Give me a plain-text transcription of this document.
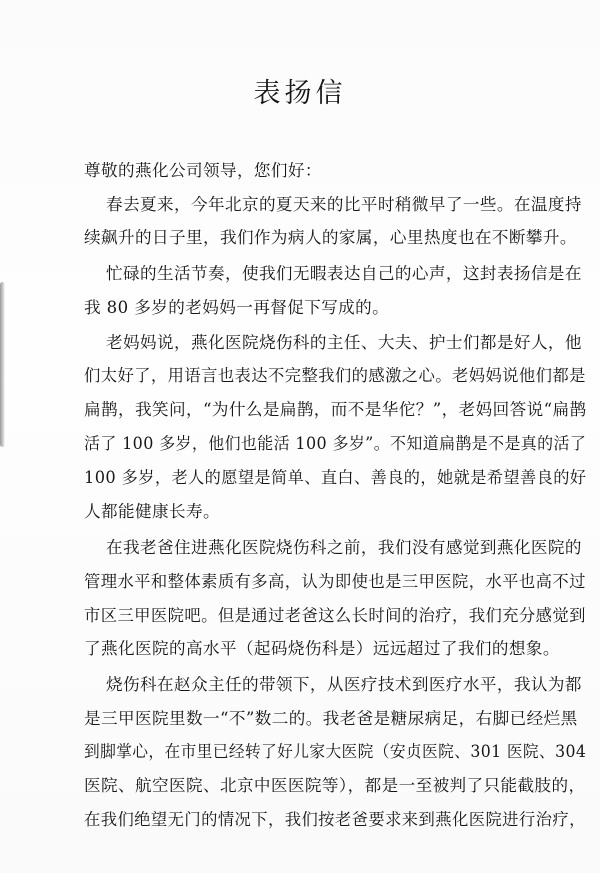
表扬信
尊敬的燕化公司领导，您们好：
春去夏来，今年北京的夏天来的比平时稍微早了一些。在温度持
续飙升的日子里，我们作为病人的家属，心里热度也在不断攀升。
忙碌的生活节奏，使我们无暇表达自己的心声，这封表扬信是在
我 80 多岁的老妈妈一再督促下写成的。
老妈妈说，燕化医院烧伤科的主任、大夫、护士们都是好人，他
们太好了，用语言也表达不完整我们的感激之心。老妈妈说他们都是
扁鹊，我笑问，“为什么是扁鹊，而不是华佗？”，老妈回答说“扁鹊
活了 100 多岁，他们也能活 100 多岁”。不知道扁鹊是不是真的活了
100 多岁，老人的愿望是简单、直白、善良的，她就是希望善良的好
人都能健康长寿。
在我老爸住进燕化医院烧伤科之前，我们没有感觉到燕化医院的
管理水平和整体素质有多高，认为即使也是三甲医院，水平也高不过
市区三甲医院吧。但是通过老爸这么长时间的治疗，我们充分感觉到
了燕化医院的高水平（起码烧伤科是）远远超过了我们的想象。
烧伤科在赵众主任的带领下，从医疗技术到医疗水平，我认为都
是三甲医院里数一“不”数二的。我老爸是糖尿病足，右脚已经烂黑
到脚掌心，在市里已经转了好儿家大医院（安贞医院、301 医院、304
医院、航空医院、北京中医医院等），都是一至被判了只能截肢的，
在我们绝望无门的情况下，我们按老爸要求来到燕化医院进行治疗，
